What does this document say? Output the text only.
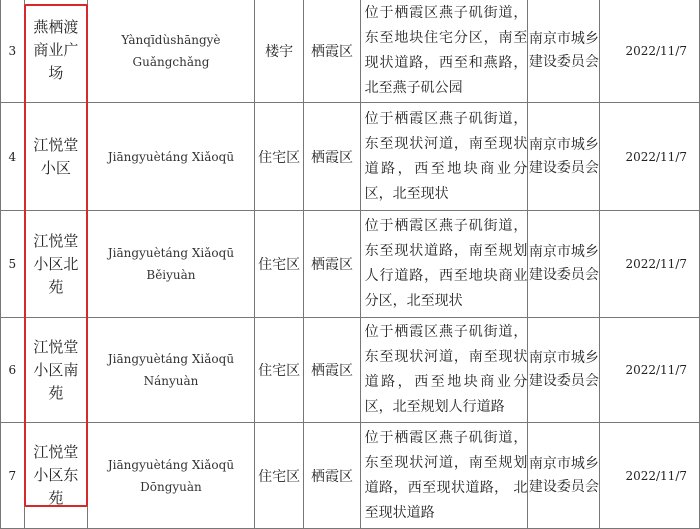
3	燕栖渡商业广场	Yànqīdùshāngyè Guǎngchǎng	楼宇	栖霞区	位于栖霞区燕子矶街道，东至地块住宅分区，南至现状道路，西至和燕路，北至燕子矶公园	南京市城乡建设委员会	2022/11/7
4	江悦堂小区	Jiāngyuètáng Xiǎoqū	住宅区	栖霞区	位于栖霞区燕子矶街道，东至现状河道，南至现状道路，西至地块商业分区，北至现状	南京市城乡建设委员会	2022/11/7
5	江悦堂小区北苑	Jiāngyuètáng Xiǎoqū Běiyuàn	住宅区	栖霞区	位于栖霞区燕子矶街道，东至现状道路，南至规划人行道路，西至地块商业分区，北至现状	南京市城乡建设委员会	2022/11/7
6	江悦堂小区南苑	Jiāngyuètáng Xiǎoqū Nányuàn	住宅区	栖霞区	位于栖霞区燕子矶街道，东至现状河道，南至现状道路，西至地块商业分区，北至规划人行道路	南京市城乡建设委员会	2022/11/7
7	江悦堂小区东苑	Jiāngyuètáng Xiǎoqū Dōngyuàn	住宅区	栖霞区	位于栖霞区燕子矶街道，东至现状河道，南至规划道路，西至现状道路， 北至现状道路	南京市城乡建设委员会	2022/11/7
